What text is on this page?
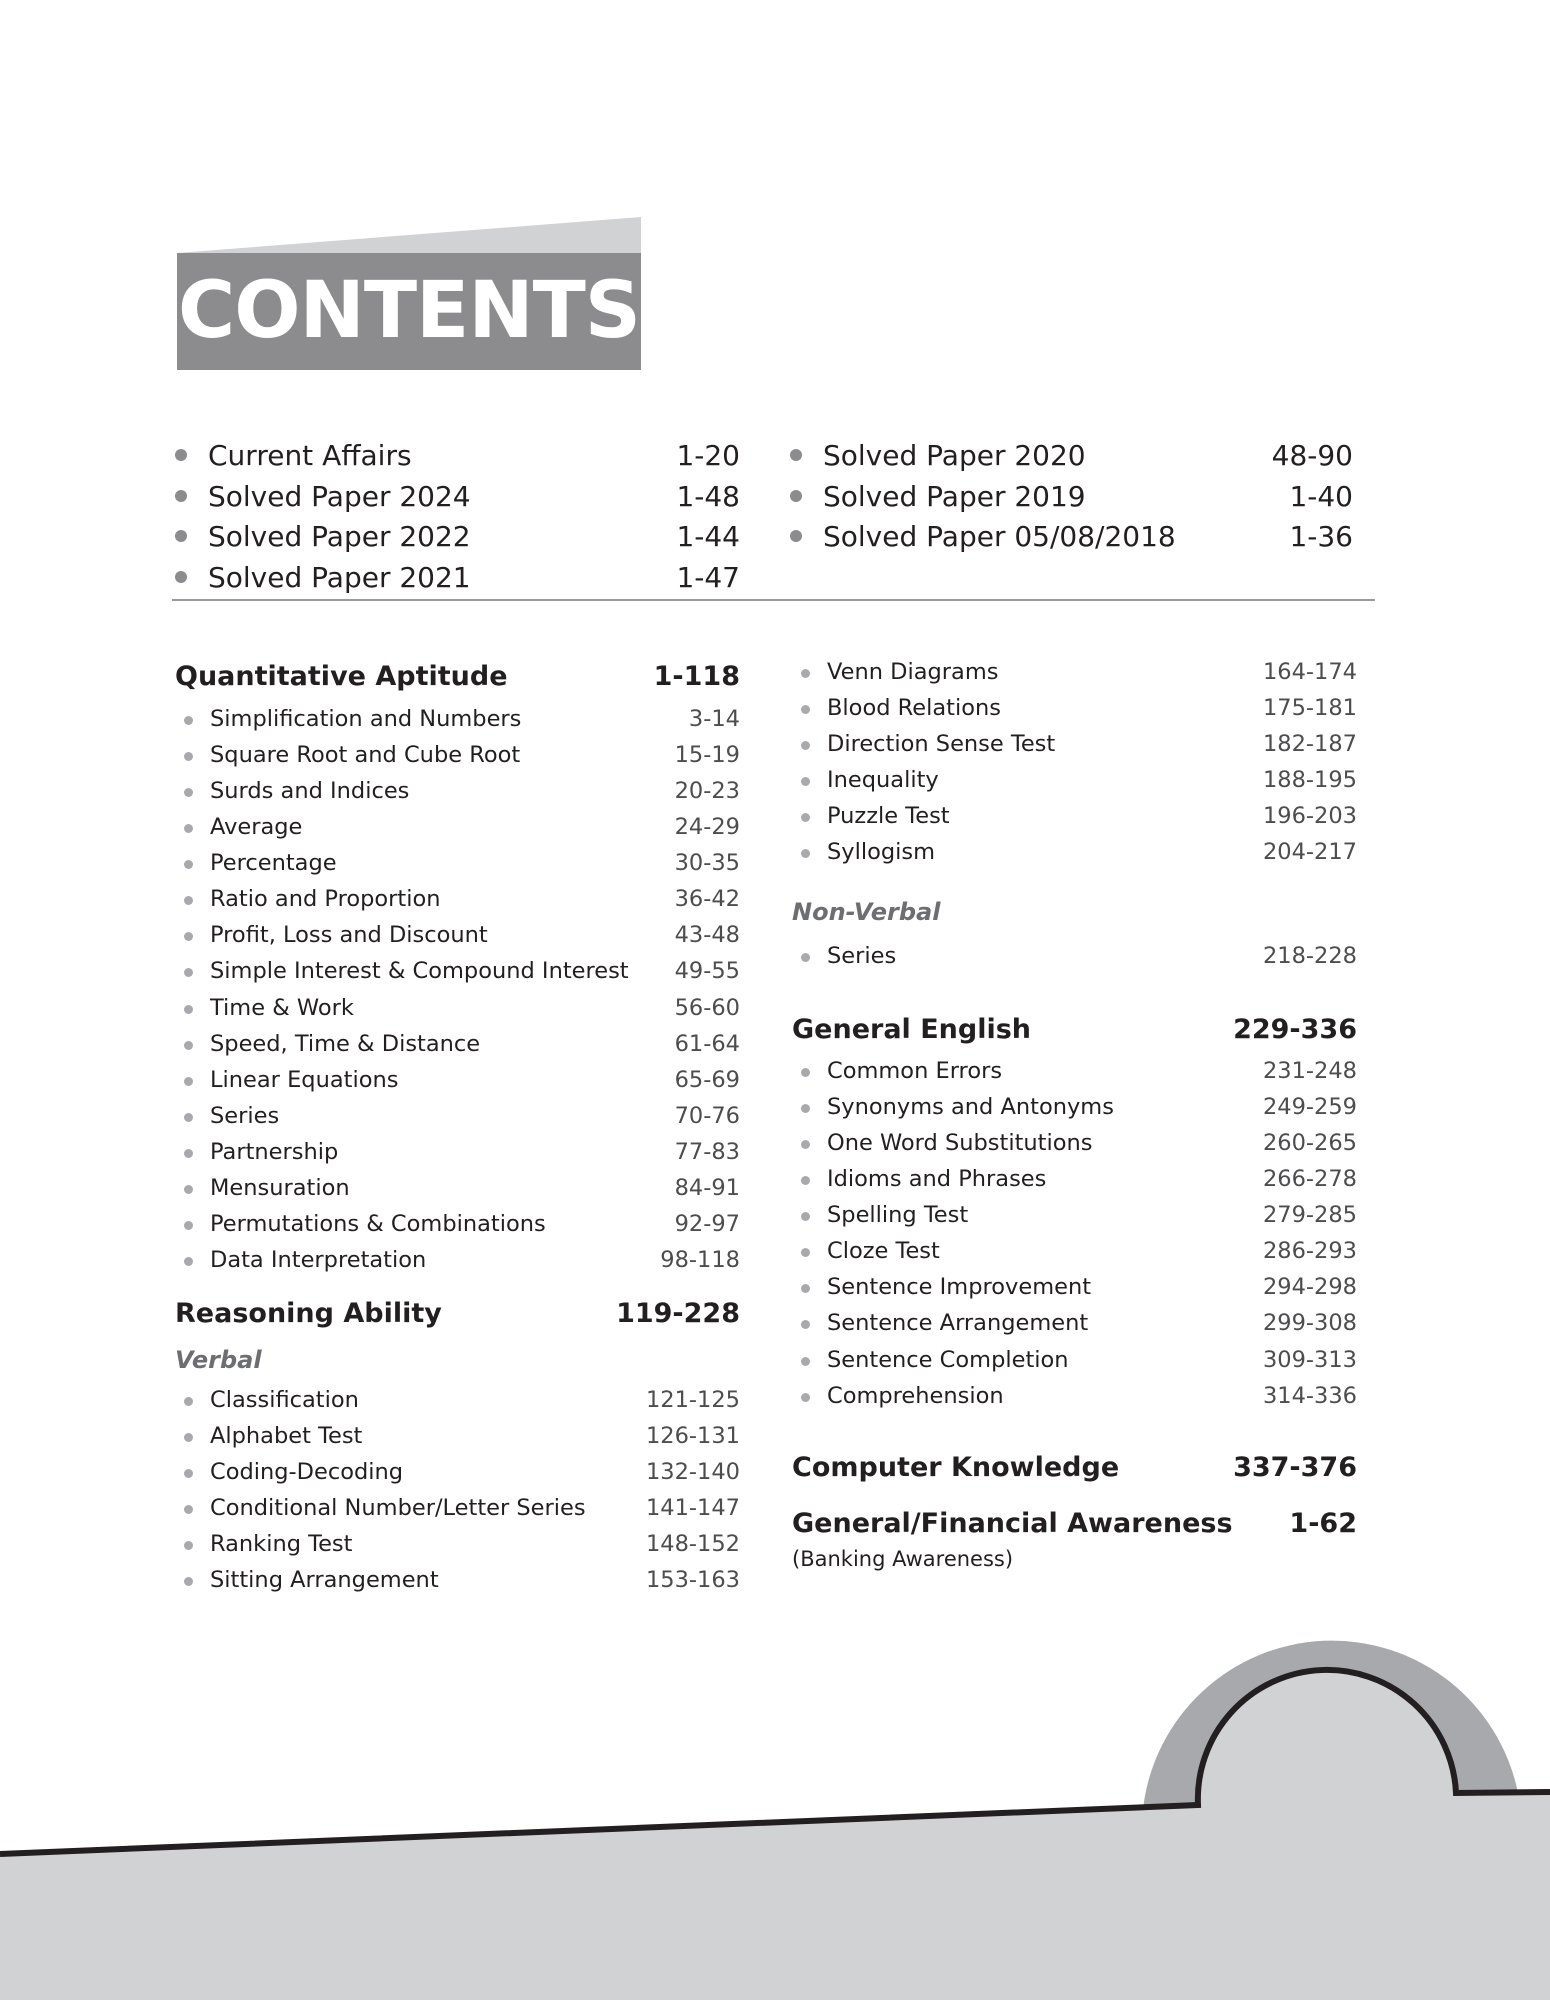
CONTENTS
Current Affairs	1-20
Solved Paper 2024	1-48
Solved Paper 2022	1-44
Solved Paper 2021	1-47
Solved Paper 2020	48-90
Solved Paper 2019	1-40
Solved Paper 05/08/2018	1-36
Quantitative Aptitude	1-118
Simplification and Numbers	3-14
Square Root and Cube Root	15-19
Surds and Indices	20-23
Average	24-29
Percentage	30-35
Ratio and Proportion	36-42
Profit, Loss and Discount	43-48
Simple Interest & Compound Interest 49-55
Time & Work	56-60
Speed, Time & Distance	61-64
Linear Equations	65-69
Series	70-76
Partnership	77-83
Mensuration	84-91
Permutations & Combinations	92-97
Data Interpretation	98-118
Reasoning Ability	119-228
Verbal
Classification	121-125
Alphabet Test	126-131
Coding-Decoding	132-140
Conditional Number/Letter Series	141-147
Ranking Test	148-152
Sitting Arrangement	153-163
Venn Diagrams	164-174
Blood Relations	175-181
Direction Sense Test	182-187
Inequality	188-195
Puzzle Test	196-203
Syllogism	204-217
Non-Verbal
Series	218-228
General English	229-336
Common Errors	231-248
Synonyms and Antonyms	249-259
One Word Substitutions	260-265
Idioms and Phrases	266-278
Spelling Test	279-285
Cloze Test	286-293
Sentence Improvement	294-298
Sentence Arrangement	299-308
Sentence Completion	309-313
Comprehension	314-336
Computer Knowledge	337-376
General/Financial Awareness 1-62
(Banking Awareness)
